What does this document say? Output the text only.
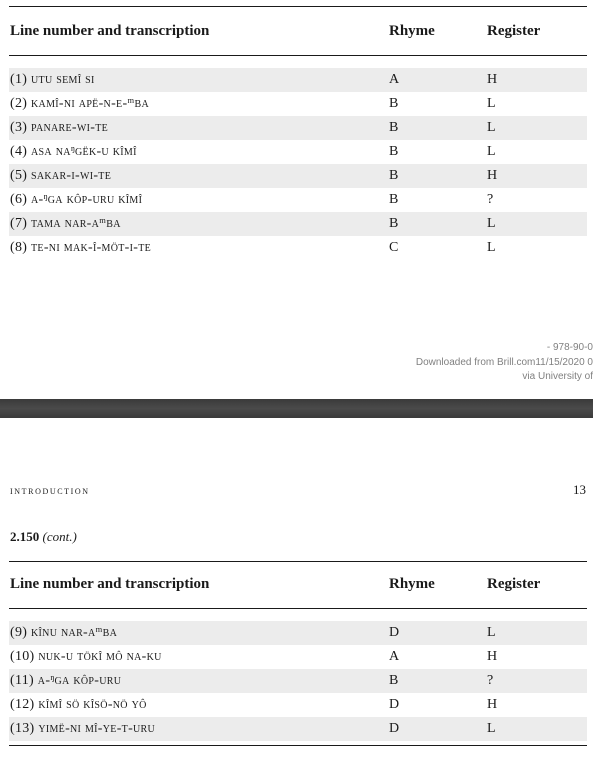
Line number and transcription	Rhyme	Register
(1) utu semî si	A	H
(2) kamî-ni apë-n-e-ᵐba	B	L
(3) panare-wi-te	B	L
(4) asa naᵑgëk-u kîmî	B	L
(5) sakar-i-wi-te	B	H
(6) a-ᵑga kôp-uru kîmî	B	?
(7) tama nar-aᵐba	B	L
(8) te-ni mak-î-möt-i-te	C	L
- 978-90-0
Downloaded from Brill.com11/15/2020 0
via University of
introduction	13
2.150 (cont.)
Line number and transcription	Rhyme	Register
(9) kînu nar-aᵐba	D	L
(10) nuk-u tökî mô na-ku	A	H
(11) a-ᵑga kôp-uru	B	?
(12) kîmî sö kîsö-nö yô	D	H
(13) yimë-ni mî-ye-t-uru	D	L
